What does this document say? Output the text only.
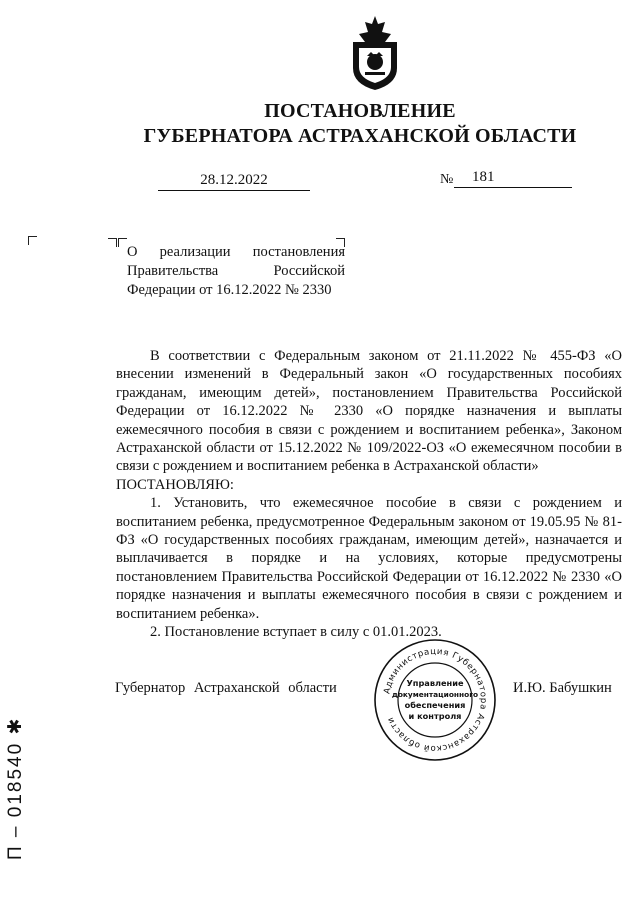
ПОСТАНОВЛЕНИЕ
ГУБЕРНАТОРА АСТРАХАНСКОЙ ОБЛАСТИ
28.12.2022	№	181
О реализации постановления Правительства Российской Федерации от 16.12.2022 № 2330

В соответствии с Федеральным законом от 21.11.2022 № 455-ФЗ «О внесении изменений в Федеральный закон «О государственных пособиях гражданам, имеющим детей», постановлением Правительства Российской Федерации от 16.12.2022 № 2330 «О порядке назначения и выплаты ежемесячного пособия в связи с рождением и воспитанием ребенка», Законом Астраханской области от 15.12.2022 № 109/2022-ОЗ «О ежемесячном пособии в связи с рождением и воспитанием ребенка в Астраханской области»

ПОСТАНОВЛЯЮ:

1. Установить, что ежемесячное пособие в связи с рождением и воспитанием ребенка, предусмотренное Федеральным законом от 19.05.95 № 81-ФЗ «О государственных пособиях гражданам, имеющим детей», назначается и выплачивается в порядке и на условиях, которые предусмотрены постановлением Правительства Российской Федерации от 16.12.2022 № 2330 «О порядке назначения и выплаты ежемесячного пособия в связи с рождением и воспитанием ребенка».

2. Постановление вступает в силу с 01.01.2023.

Губернатор Астраханской области	И.Ю. Бабушкин
Администрация Губернатора Астраханской области
Управление
документационного
обеспечения
и контроля
П – 018540 ✱
